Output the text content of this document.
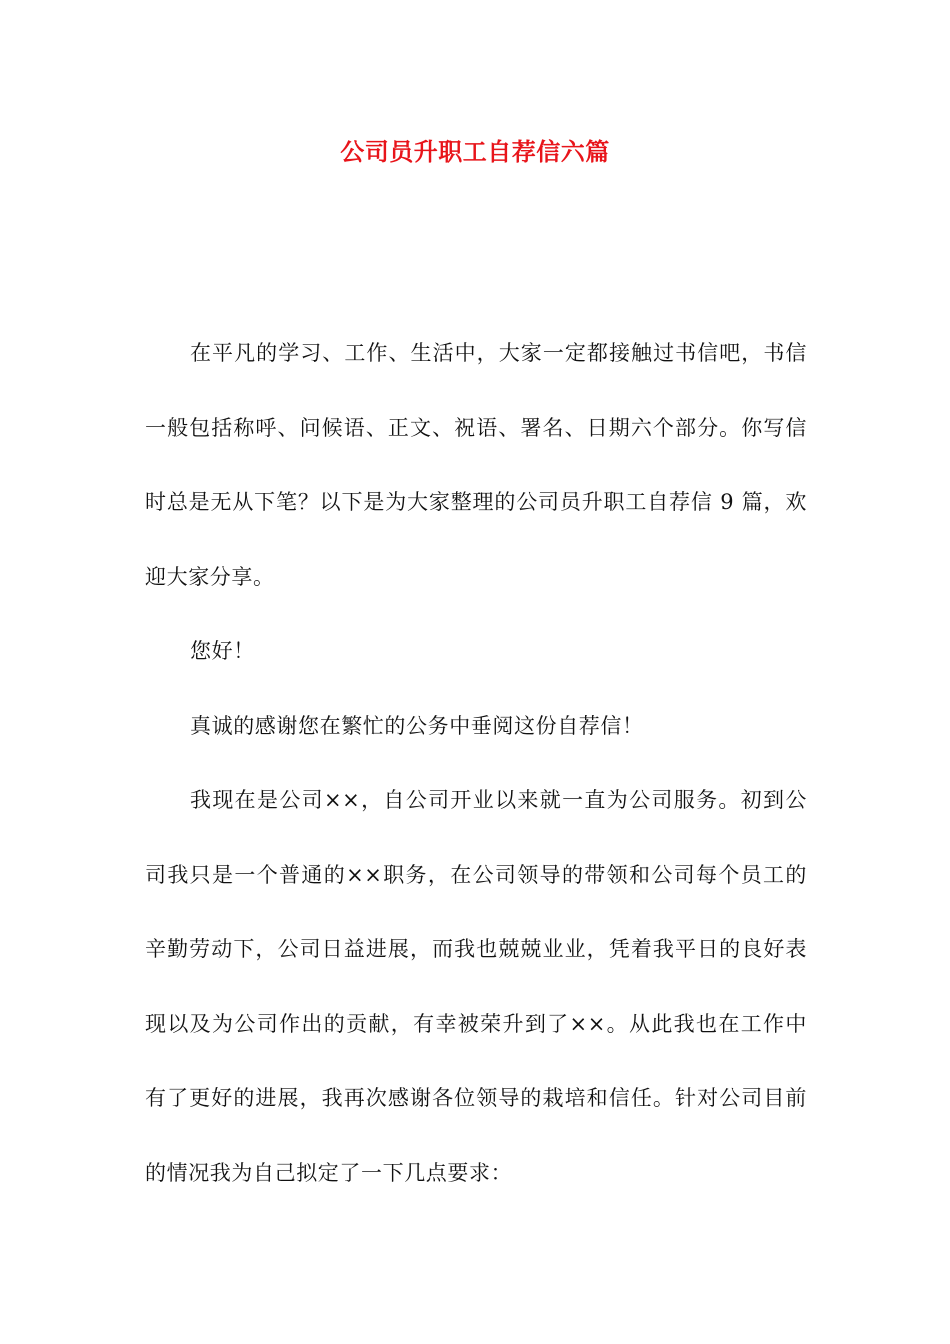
公司员升职工自荐信六篇

在平凡的学习、工作、生活中，大家一定都接触过书信吧，书信一般包括称呼、问候语、正文、祝语、署名、日期六个部分。你写信时总是无从下笔？以下是为大家整理的公司员升职工自荐信 9 篇，欢迎大家分享。

您好！

真诚的感谢您在繁忙的公务中垂阅这份自荐信！

我现在是公司××，自公司开业以来就一直为公司服务。初到公司我只是一个普通的××职务，在公司领导的带领和公司每个员工的辛勤劳动下，公司日益进展，而我也兢兢业业，凭着我平日的良好表现以及为公司作出的贡献，有幸被荣升到了××。从此我也在工作中有了更好的进展，我再次感谢各位领导的栽培和信任。针对公司目前的情况我为自己拟定了一下几点要求：
